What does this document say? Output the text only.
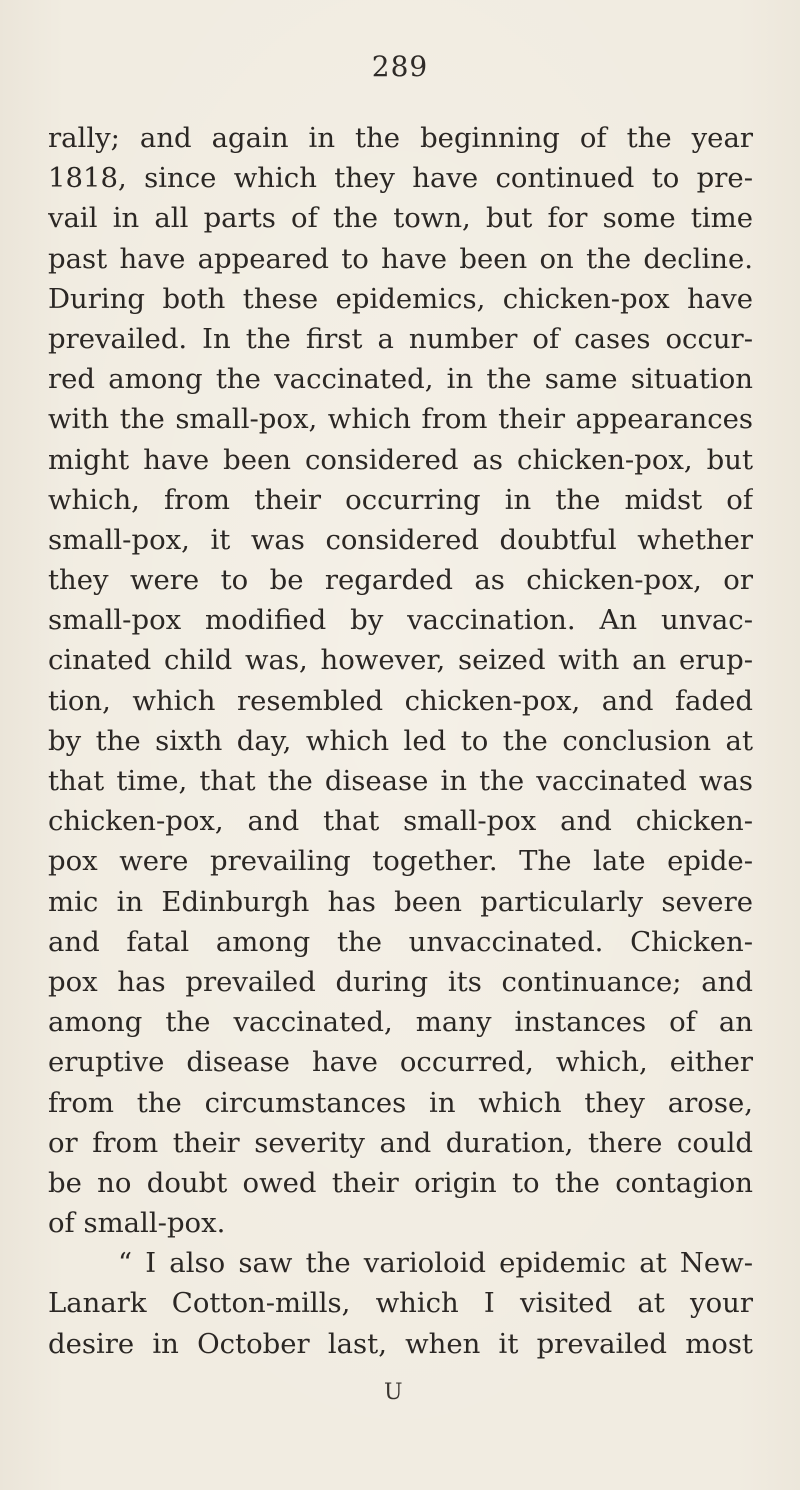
289
rally; and again in the beginning of the year
1818, since which they have continued to pre-
vail in all parts of the town, but for some time
past have appeared to have been on the decline.
During both these epidemics, chicken-pox have
prevailed. In the first a number of cases occur-
red among the vaccinated, in the same situation
with the small-pox, which from their appearances
might have been considered as chicken-pox, but
which, from their occurring in the midst of
small-pox, it was considered doubtful whether
they were to be regarded as chicken-pox, or
small-pox modified by vaccination. An unvac-
cinated child was, however, seized with an erup-
tion, which resembled chicken-pox, and faded
by the sixth day, which led to the conclusion at
that time, that the disease in the vaccinated was
chicken-pox, and that small-pox and chicken-
pox were prevailing together. The late epide-
mic in Edinburgh has been particularly severe
and fatal among the unvaccinated. Chicken-
pox has prevailed during its continuance; and
among the vaccinated, many instances of an
eruptive disease have occurred, which, either
from the circumstances in which they arose,
or from their severity and duration, there could
be no doubt owed their origin to the contagion
of small-pox.
“ I also saw the varioloid epidemic at New-
Lanark Cotton-mills, which I visited at your
desire in October last, when it prevailed most
U
